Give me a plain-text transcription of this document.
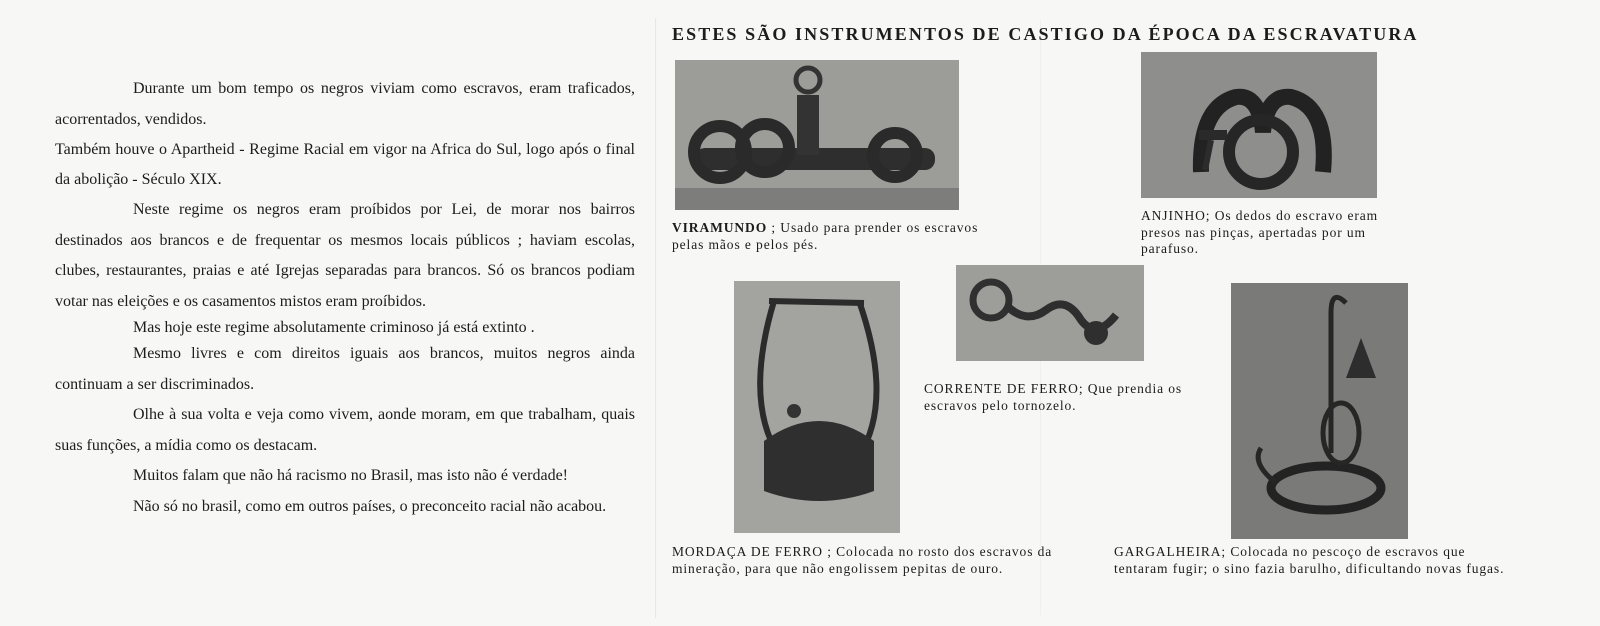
Durante um bom tempo os negros viviam como escravos, eram traficados, acorrentados, vendidos.

Também houve o Apartheid - Regime Racial em vigor na Africa do Sul, logo após o final da abolição - Século XIX.

Neste regime os negros eram proíbidos por Lei, de morar nos bairros destinados aos brancos e de frequentar os mesmos locais públicos ; haviam escolas, clubes, restaurantes, praias e até Igrejas separadas para brancos. Só os brancos podiam votar nas eleições e os casamentos mistos eram proíbidos.

Mas hoje este regime absolutamente criminoso já está extinto .

Mesmo livres e com direitos iguais aos brancos, muitos negros ainda continuam a ser discriminados.

Olhe à sua volta e veja como vivem, aonde moram, em que trabalham, quais suas funções, a mídia como os destacam.

Muitos falam que não há racismo no Brasil, mas isto não é verdade!

Não só no brasil, como em outros países, o preconceito racial não acabou.

ESTES SÃO INSTRUMENTOS DE CASTIGO DA ÉPOCA DA ESCRAVATURA
VIRAMUNDO ; Usado para prender os escravos pelas mãos e pelos pés.
ANJINHO; Os dedos do escravo eram presos nas pinças, apertadas por um parafuso.
CORRENTE DE FERRO; Que prendia os escravos pelo tornozelo.
MORDAÇA DE FERRO ; Colocada no rosto dos escravos da mineração, para que não engolissem pepitas de ouro.
GARGALHEIRA; Colocada no pescoço de escravos que tentaram fugir; o sino fazia barulho, dificultando novas fugas.
